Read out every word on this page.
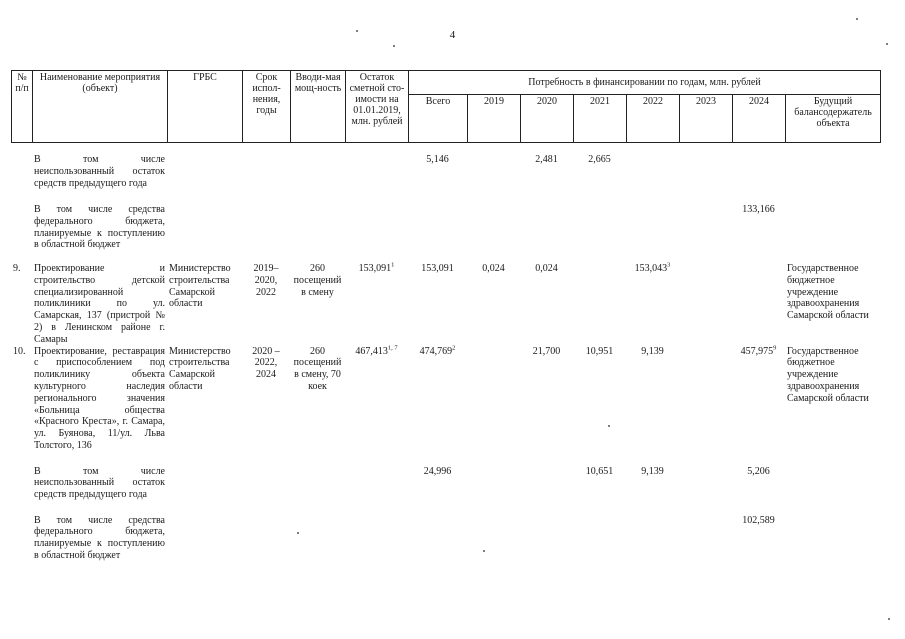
4
№ п/п	Наименование мероприятия (объект)	ГРБС	Срок испол-нения, годы	Вводи-мая мощ-ность	Остаток сметной сто-имости на 01.01.2019, млн. рублей	Потребность в финансировании по годам, млн. рублей							
						Всего	2019	2020	2021	2022	2023	2024	Будущий балансодержатель объекта
	В том числе неиспользованный остаток средств предыдущего года					5,146		2,481	2,665				
	В том числе средства федерального бюджета, планируемые к поступлению в областной бюджет											133,166	
9.	Проектирование и строительство детской специализированной поликлиники по ул. Самарская, 137 (пристрой № 2) в Ленинском районе г. Самары	Министерство строительства Самарской области	2019–2020, 2022	260 посещений в смену	153,091$^1$	153,091	0,024	0,024		153,043$^3$			Государственное бюджетное учреждение здравоохранения Самарской области
10.	Проектирование, реставрация с приспособлением под поликлинику объекта культурного наследия регионального значения «Больница общества «Красного Креста», г. Самара, ул. Буянова, 11/ул. Льва Толстого, 136	Министерство строительства Самарской области	2020 – 2022, 2024	260 посещений в смену, 70 коек	467,413$^{1, 7}$	474,769$^2$		21,700	10,951	9,139		457,975$^9$	Государственное бюджетное учреждение здравоохранения Самарской области
	В том числе неиспользованный остаток средств предыдущего года					24,996			10,651	9,139		5,206	
	В том числе средства федерального бюджета, планируемые к поступлению в областной бюджет											102,589	
